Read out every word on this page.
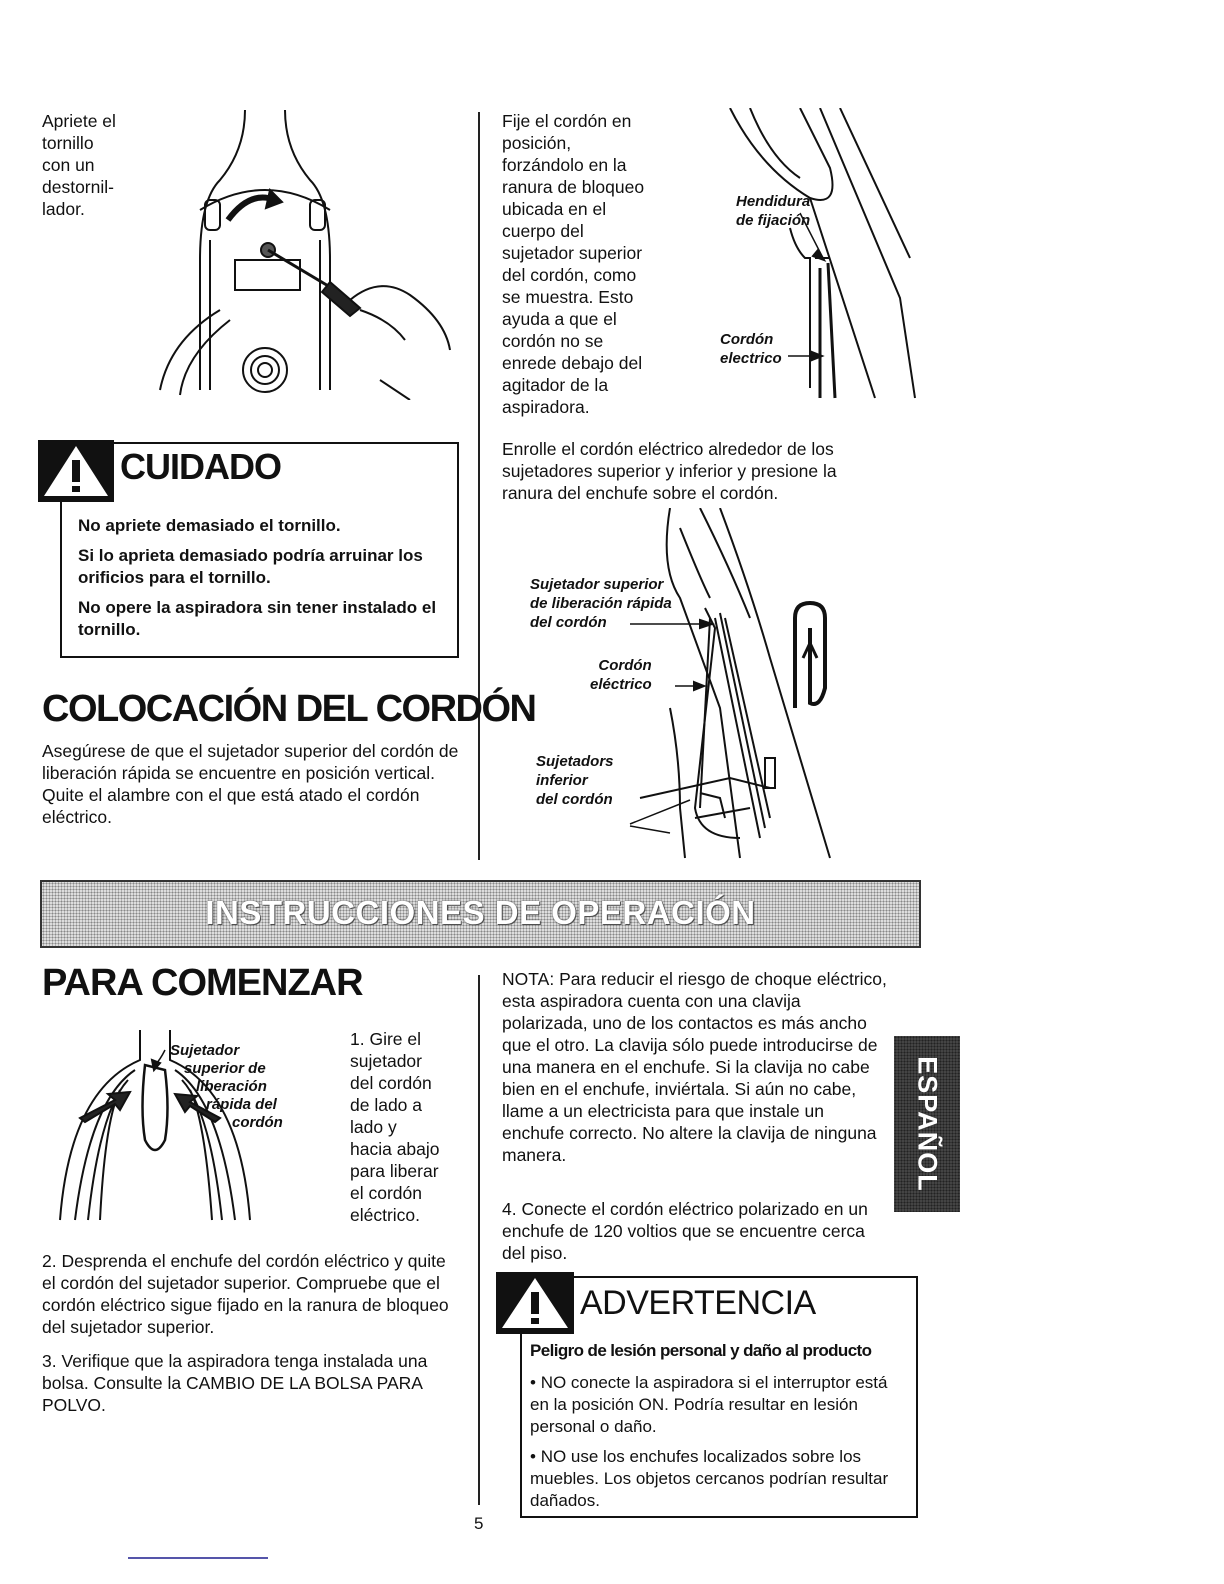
Apriete el
tornillo
con un
destornil-
lador.
CUIDADO

No apriete demasiado el tornillo.

Si lo aprieta demasiado podría arruinar los orificios para el tornillo.

No opere la aspiradora sin tener instalado el tornillo.

COLOCACIÓN DEL CORDÓN
Asegúrese de que el sujetador superior del cordón de liberación rápida se encuentre en posición vertical. Quite el alambre con el que está atado el cordón eléctrico.
Fije el cordón en
posición,
forzándolo en la
ranura de bloqueo
ubicada en el
cuerpo del
sujetador superior
del cordón, como
se muestra. Esto
ayuda a que el
cordón no se
enrede debajo del
agitador de la
aspiradora.
Hendidura
de fijación
Cordón
electrico
Enrolle el cordón eléctrico alrededor de los sujetadores superior y inferior y presione la ranura del enchufe sobre el cordón.
Sujetador superior
de liberación rápida
del cordón
Cordón
eléctrico
Sujetadors
inferior
del cordón
INSTRUCCIONES DE OPERACIÓN
PARA COMENZAR
Sujetador
superior de
liberación
rápida del
cordón
1. Gire el
sujetador
del cordón
de lado a
lado y
hacia abajo
para liberar
el cordón
eléctrico.
2. Desprenda el enchufe del cordón eléctrico y quite el cordón del sujetador superior. Compruebe que el cordón eléctrico sigue fijado en la ranura de bloqueo del sujetador superior.
3. Verifique que la aspiradora tenga instalada una bolsa. Consulte la CAMBIO DE LA BOLSA PARA POLVO.
NOTA: Para reducir el riesgo de choque eléctrico, esta aspiradora cuenta con una clavija polarizada, uno de los contactos es más ancho que el otro. La clavija sólo puede introducirse de una manera en el enchufe. Si la clavija no cabe bien en el enchufe, inviértala. Si aún no cabe, llame a un electricista para que instale un enchufe correcto. No altere la clavija de ninguna manera.	ESPAÑOL
4. Conecte el cordón eléctrico polarizado en un enchufe de 120 voltios que se encuentre cerca del piso.
ADVERTENCIA

Peligro de lesión personal y daño al producto

• NO conecte la aspiradora si el interruptor está en la posición ON. Podría resultar en lesión personal o daño.

• NO use los enchufes localizados sobre los muebles. Los objetos cercanos podrían resultar dañados.

5
